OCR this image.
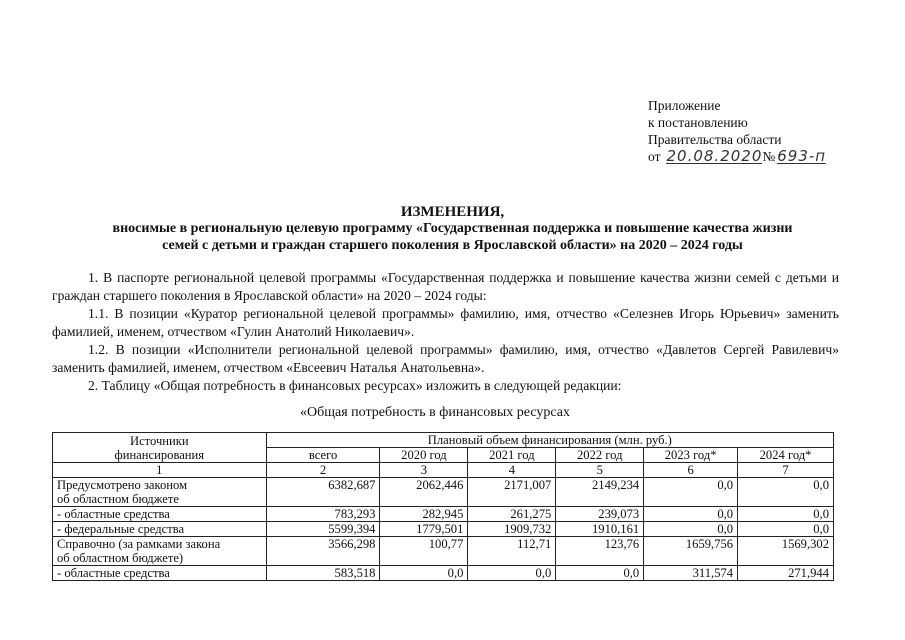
Приложение
к постановлению
Правительства области
от 20.08.2020 № 693-п
ИЗМЕНЕНИЯ,
вносимые в региональную целевую программу «Государственная поддержка и повышение качества жизни
семей с детьми и граждан старшего поколения в Ярославской области» на 2020 – 2024 годы
1. В паспорте региональной целевой программы «Государственная поддержка и повышение качества жизни семей с детьми и граждан старшего поколения в Ярославской области» на 2020 – 2024 годы:
1.1. В позиции «Куратор региональной целевой программы» фамилию, имя, отчество «Селезнев Игорь Юрьевич» заменить фамилией, именем, отчеством «Гулин Анатолий Николаевич».
1.2. В позиции «Исполнители региональной целевой программы» фамилию, имя, отчество «Давлетов Сергей Равилевич» заменить фамилией, именем, отчеством «Евсеевич Наталья Анатольевна».
2. Таблицу «Общая потребность в финансовых ресурсах» изложить в следующей редакции:
«Общая потребность в финансовых ресурсах
Источники
финансирования	Плановый объем финансирования (млн. руб.)					
	всего	2020 год	2021 год	2022 год	2023 год*	2024 год*
1	2	3	4	5	6	7
Предусмотрено законом
об областном бюджете	6382,687	2062,446	2171,007	2149,234	0,0	0,0
- областные средства	783,293	282,945	261,275	239,073	0,0	0,0
- федеральные средства	5599,394	1779,501	1909,732	1910,161	0,0	0,0
Справочно (за рамками закона
об областном бюджете)	3566,298	100,77	112,71	123,76	1659,756	1569,302
- областные средства	583,518	0,0	0,0	0,0	311,574	271,944
